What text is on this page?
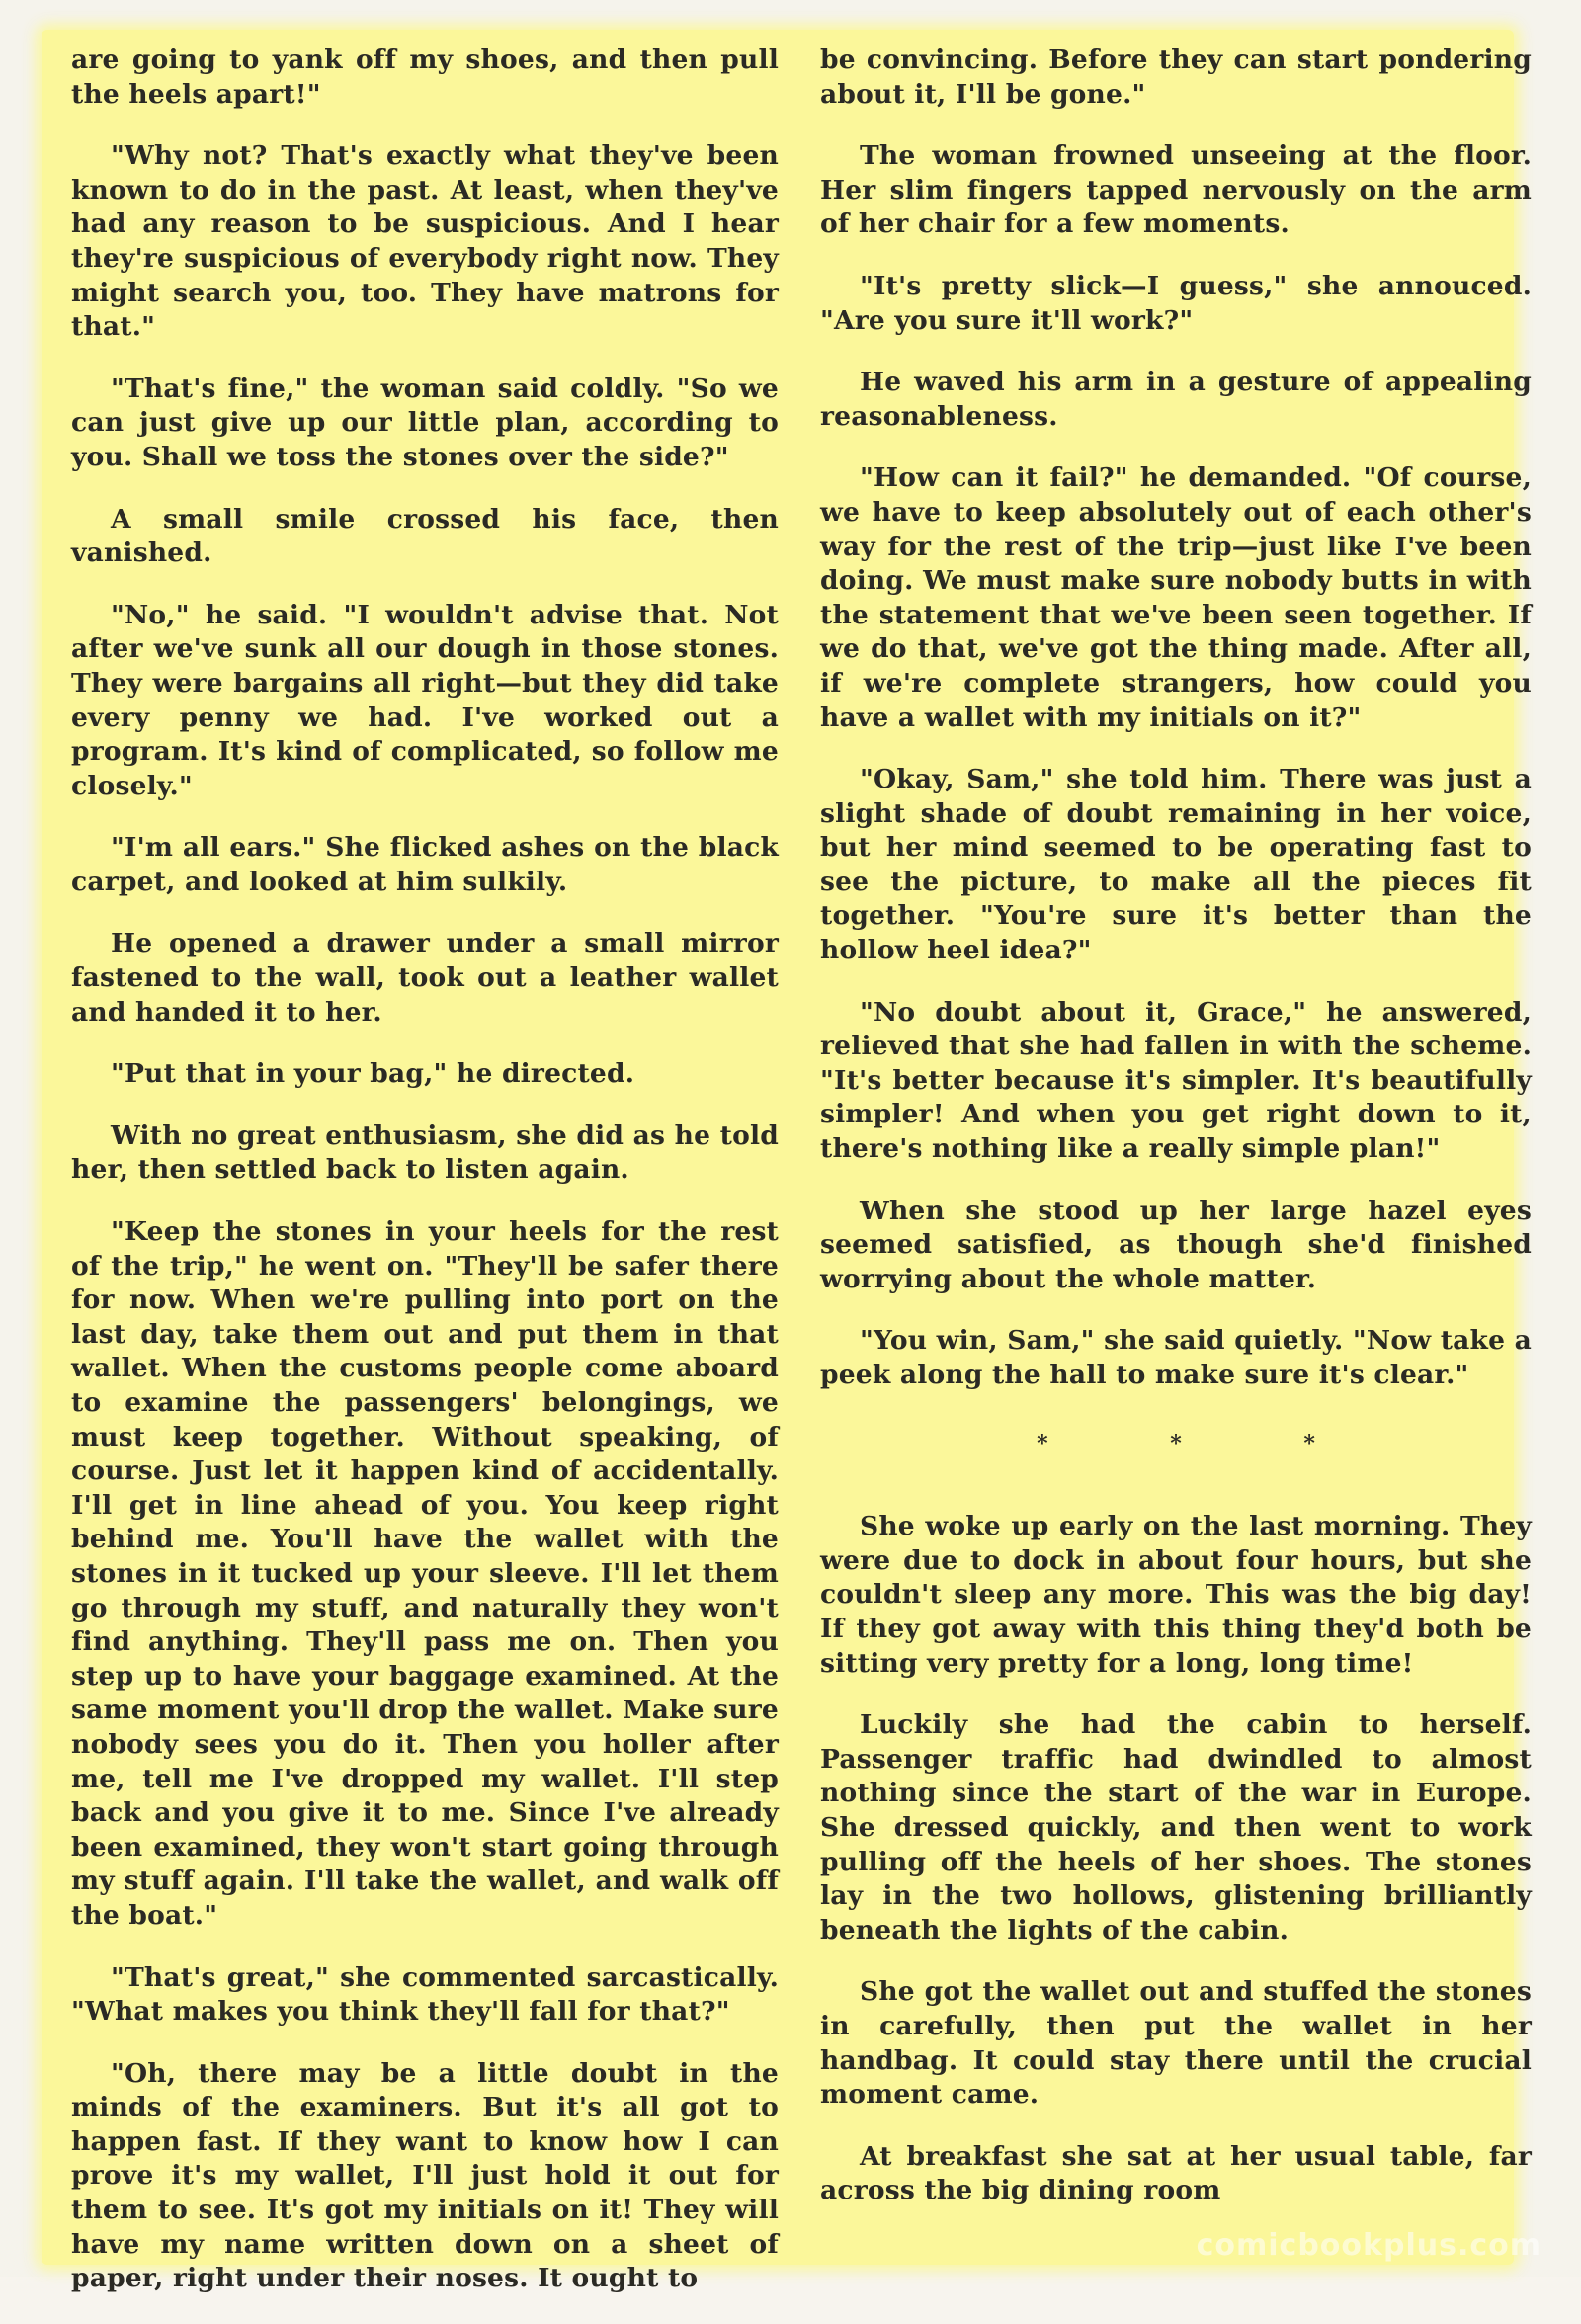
are going to yank off my shoes, and then pull the heels apart!"

"Why not? That's exactly what they've been known to do in the past. At least, when they've had any reason to be suspicious. And I hear they're suspicious of everybody right now. They might search you, too. They have matrons for that."

"That's fine," the woman said coldly. "So we can just give up our little plan, according to you. Shall we toss the stones over the side?"

A small smile crossed his face, then vanished.

"No," he said. "I wouldn't advise that. Not after we've sunk all our dough in those stones. They were bargains all right—but they did take every penny we had. I've worked out a program. It's kind of complicated, so follow me closely."

"I'm all ears." She flicked ashes on the black carpet, and looked at him sulkily.

He opened a drawer under a small mirror fastened to the wall, took out a leather wallet and handed it to her.

"Put that in your bag," he directed.

With no great enthusiasm, she did as he told her, then settled back to listen again.

"Keep the stones in your heels for the rest of the trip," he went on. "They'll be safer there for now. When we're pulling into port on the last day, take them out and put them in that wallet. When the customs people come aboard to examine the passengers' belongings, we must keep together. Without speaking, of course. Just let it happen kind of accidentally. I'll get in line ahead of you. You keep right behind me. You'll have the wallet with the stones in it tucked up your sleeve. I'll let them go through my stuff, and naturally they won't find anything. They'll pass me on. Then you step up to have your baggage examined. At the same moment you'll drop the wallet. Make sure nobody sees you do it. Then you holler after me, tell me I've dropped my wallet. I'll step back and you give it to me. Since I've already been examined, they won't start going through my stuff again. I'll take the wallet, and walk off the boat."

"That's great," she commented sarcastically. "What makes you think they'll fall for that?"

"Oh, there may be a little doubt in the minds of the examiners. But it's all got to happen fast. If they want to know how I can prove it's my wallet, I'll just hold it out for them to see. It's got my initials on it! They will have my name written down on a sheet of paper, right under their noses. It ought to

be convincing. Before they can start pondering about it, I'll be gone."

The woman frowned unseeing at the floor. Her slim fingers tapped nervously on the arm of her chair for a few moments.

"It's pretty slick—I guess," she annouced. "Are you sure it'll work?"

He waved his arm in a gesture of appealing reasonableness.

"How can it fail?" he demanded. "Of course, we have to keep absolutely out of each other's way for the rest of the trip—just like I've been doing. We must make sure nobody butts in with the statement that we've been seen together. If we do that, we've got the thing made. After all, if we're complete strangers, how could you have a wallet with my initials on it?"

"Okay, Sam," she told him. There was just a slight shade of doubt remaining in her voice, but her mind seemed to be operating fast to see the picture, to make all the pieces fit together. "You're sure it's better than the hollow heel idea?"

"No doubt about it, Grace," he answered, relieved that she had fallen in with the scheme. "It's better because it's simpler. It's beautifully simpler! And when you get right down to it, there's nothing like a really simple plan!"

When she stood up her large hazel eyes seemed satisfied, as though she'd finished worrying about the whole matter.

"You win, Sam," she said quietly. "Now take a peek along the hall to make sure it's clear."

* * *

She woke up early on the last morning. They were due to dock in about four hours, but she couldn't sleep any more. This was the big day! If they got away with this thing they'd both be sitting very pretty for a long, long time!

Luckily she had the cabin to herself. Passenger traffic had dwindled to almost nothing since the start of the war in Europe. She dressed quickly, and then went to work pulling off the heels of her shoes. The stones lay in the two hollows, glistening brilliantly beneath the lights of the cabin.

She got the wallet out and stuffed the stones in carefully, then put the wallet in her handbag. It could stay there until the crucial moment came.

At breakfast she sat at her usual table, far across the big dining room

comicbookplus.com
